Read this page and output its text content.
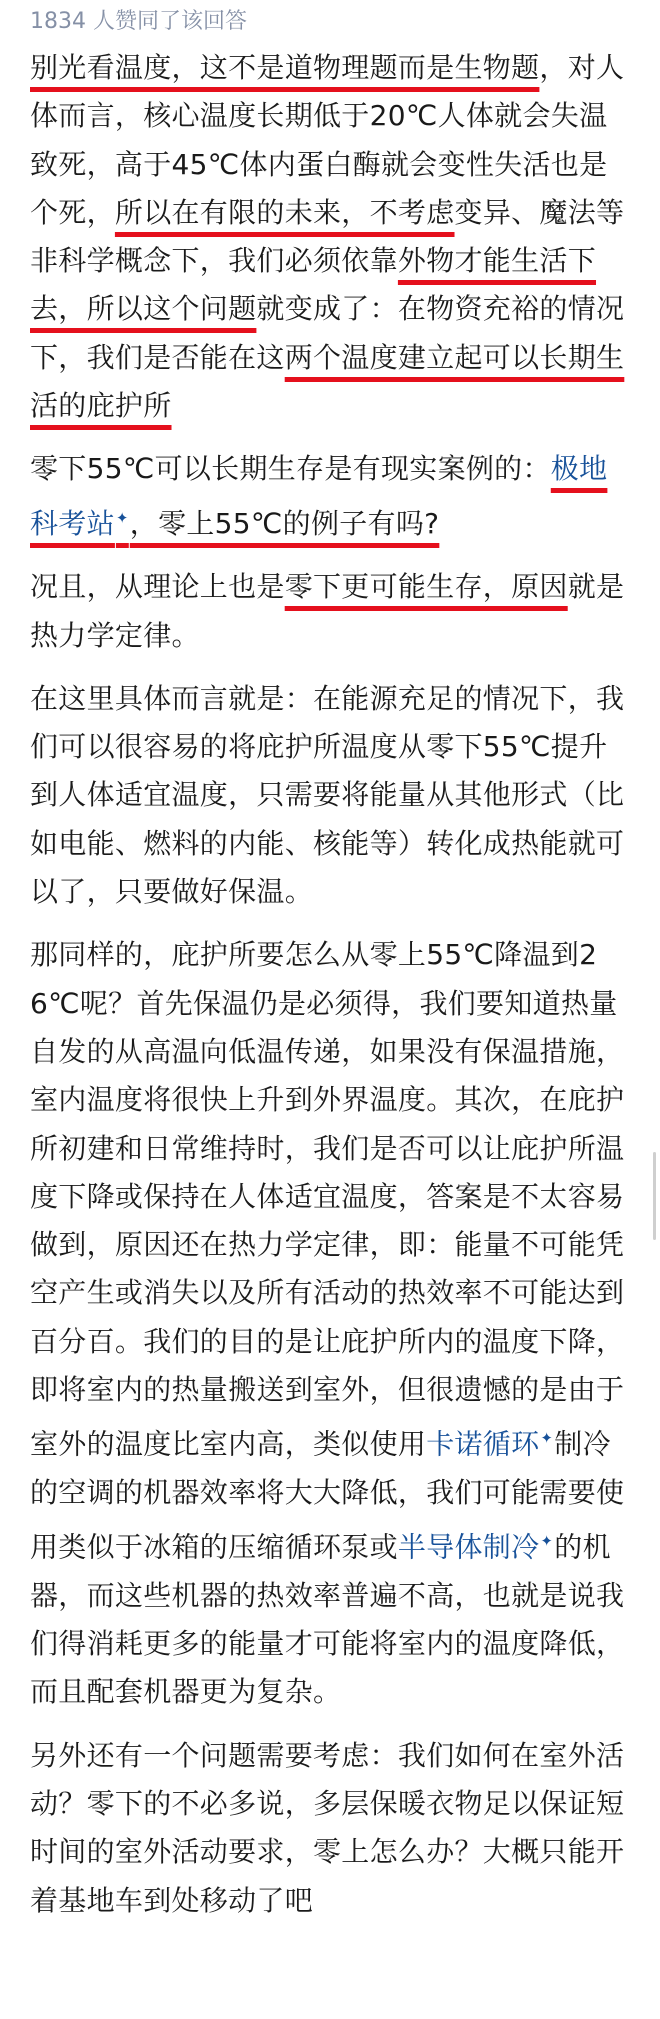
1834 人赞同了该回答

别光看温度，这不是道物理题而是生物题，对人体而言，核心温度长期低于20℃人体就会失温致死，高于45℃体内蛋白酶就会变性失活也是个死，所以在有限的未来，不考虑变异、魔法等非科学概念下，我们必须依靠外物才能生活下去，所以这个问题就变成了：在物资充裕的情况下，我们是否能在这两个温度建立起可以长期生活的庇护所

零下55℃可以长期生存是有现实案例的：极地科考站✦，零上55℃的例子有吗?

况且，从理论上也是零下更可能生存，原因就是热力学定律。

在这里具体而言就是：在能源充足的情况下，我们可以很容易的将庇护所温度从零下55℃提升到人体适宜温度，只需要将能量从其他形式（比如电能、燃料的内能、核能等）转化成热能就可以了，只要做好保温。

那同样的，庇护所要怎么从零上55℃降温到26℃呢？首先保温仍是必须得，我们要知道热量自发的从高温向低温传递，如果没有保温措施，室内温度将很快上升到外界温度。其次，在庇护所初建和日常维持时，我们是否可以让庇护所温度下降或保持在人体适宜温度，答案是不太容易做到，原因还在热力学定律，即：能量不可能凭空产生或消失以及所有活动的热效率不可能达到百分百。我们的目的是让庇护所内的温度下降，即将室内的热量搬送到室外，但很遗憾的是由于室外的温度比室内高，类似使用卡诺循环✦制冷的空调的机器效率将大大降低，我们可能需要使用类似于冰箱的压缩循环泵或半导体制冷✦的机器，而这些机器的热效率普遍不高，也就是说我们得消耗更多的能量才可能将室内的温度降低，而且配套机器更为复杂。

另外还有一个问题需要考虑：我们如何在室外活动？零下的不必多说，多层保暖衣物足以保证短时间的室外活动要求，零上怎么办？大概只能开着基地车到处移动了吧
